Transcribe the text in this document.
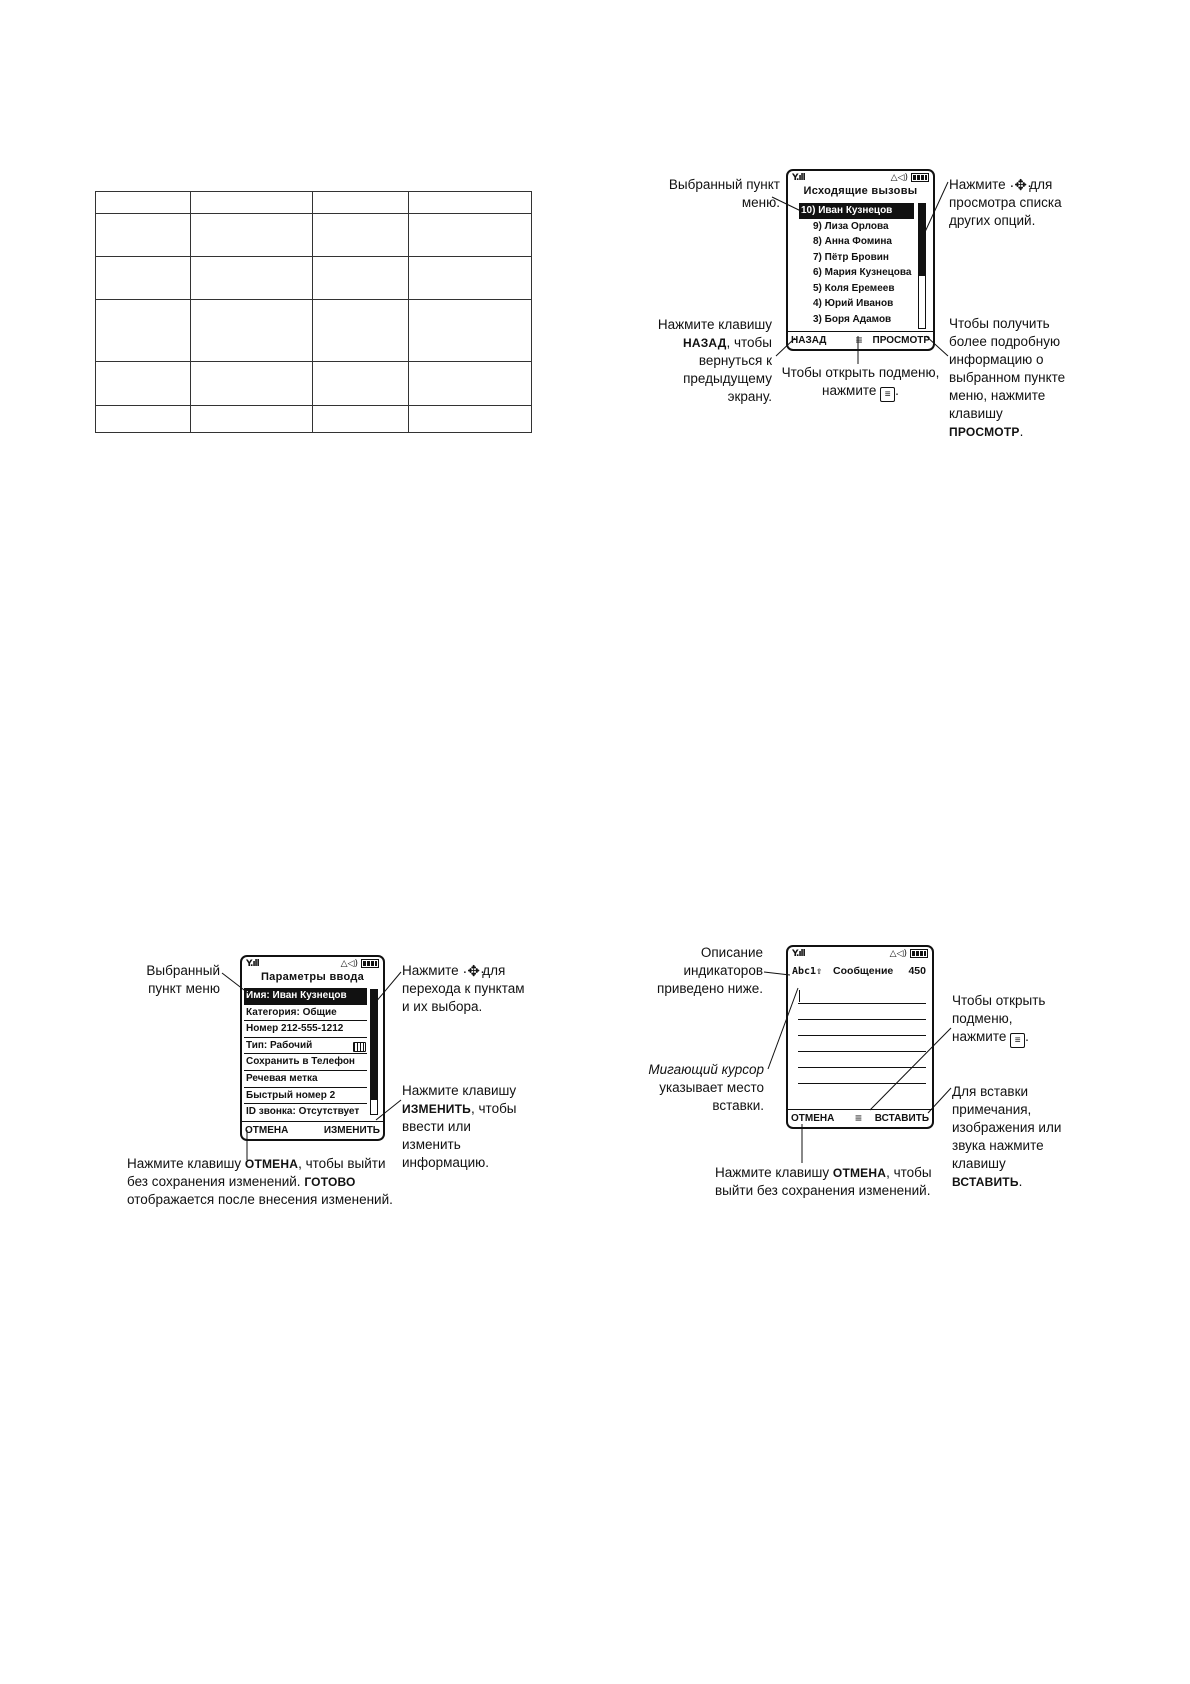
Y.ıll	△◁)
Исходящие вызовы
10) Иван Кузнецов
9) Лиза Орлова
8) Анна Фомина
7) Пётр Бровин
6) Мария Кузнецова
5) Коля Еремеев
4) Юрий Иванов
3) Боря Адамов
НАЗАД ≡ ПРОСМОТР
Выбранный пункт меню.
Нажмите ·✥· для просмотра списка других опций.
Нажмите клавишу НАЗАД, чтобы вернуться к предыдущему экрану.
Чтобы открыть подменю, нажмите ≡ .
Чтобы получить более подробную информацию о выбранном пункте меню, нажмите клавишу ПРОСМОТР.
Y.ıll	△◁)
Параметры ввода
Имя: Иван Кузнецов
Категория: Общие
Номер 212-555-1212
Тип: Рабочий
Сохранить в Телефон
Речевая метка
Быстрый номер 2
ID звонка: Отсутствует
ОТМЕНА	ИЗМЕНИТЬ
Выбранный пункт меню
Нажмите ·✥· для перехода к пунктам и их выбора.
Нажмите клавишу ИЗМЕНИТЬ, чтобы ввести или изменить информацию.
Нажмите клавишу ОТМЕНА, чтобы выйти без сохранения изменений. ГОТОВО отображается после внесения изменений.
Y.ıll	△◁)
Abc1⇧ Сообщение 450
ОТМЕНА ≡ ВСТАВИТЬ
Описание индикаторов приведено ниже.
Мигающий курсор указывает место вставки.
Чтобы открыть подменю, нажмите ≡ .
Для вставки примечания, изображения или звука нажмите клавишу ВСТАВИТЬ.
Нажмите клавишу ОТМЕНА, чтобы выйти без сохранения изменений.
